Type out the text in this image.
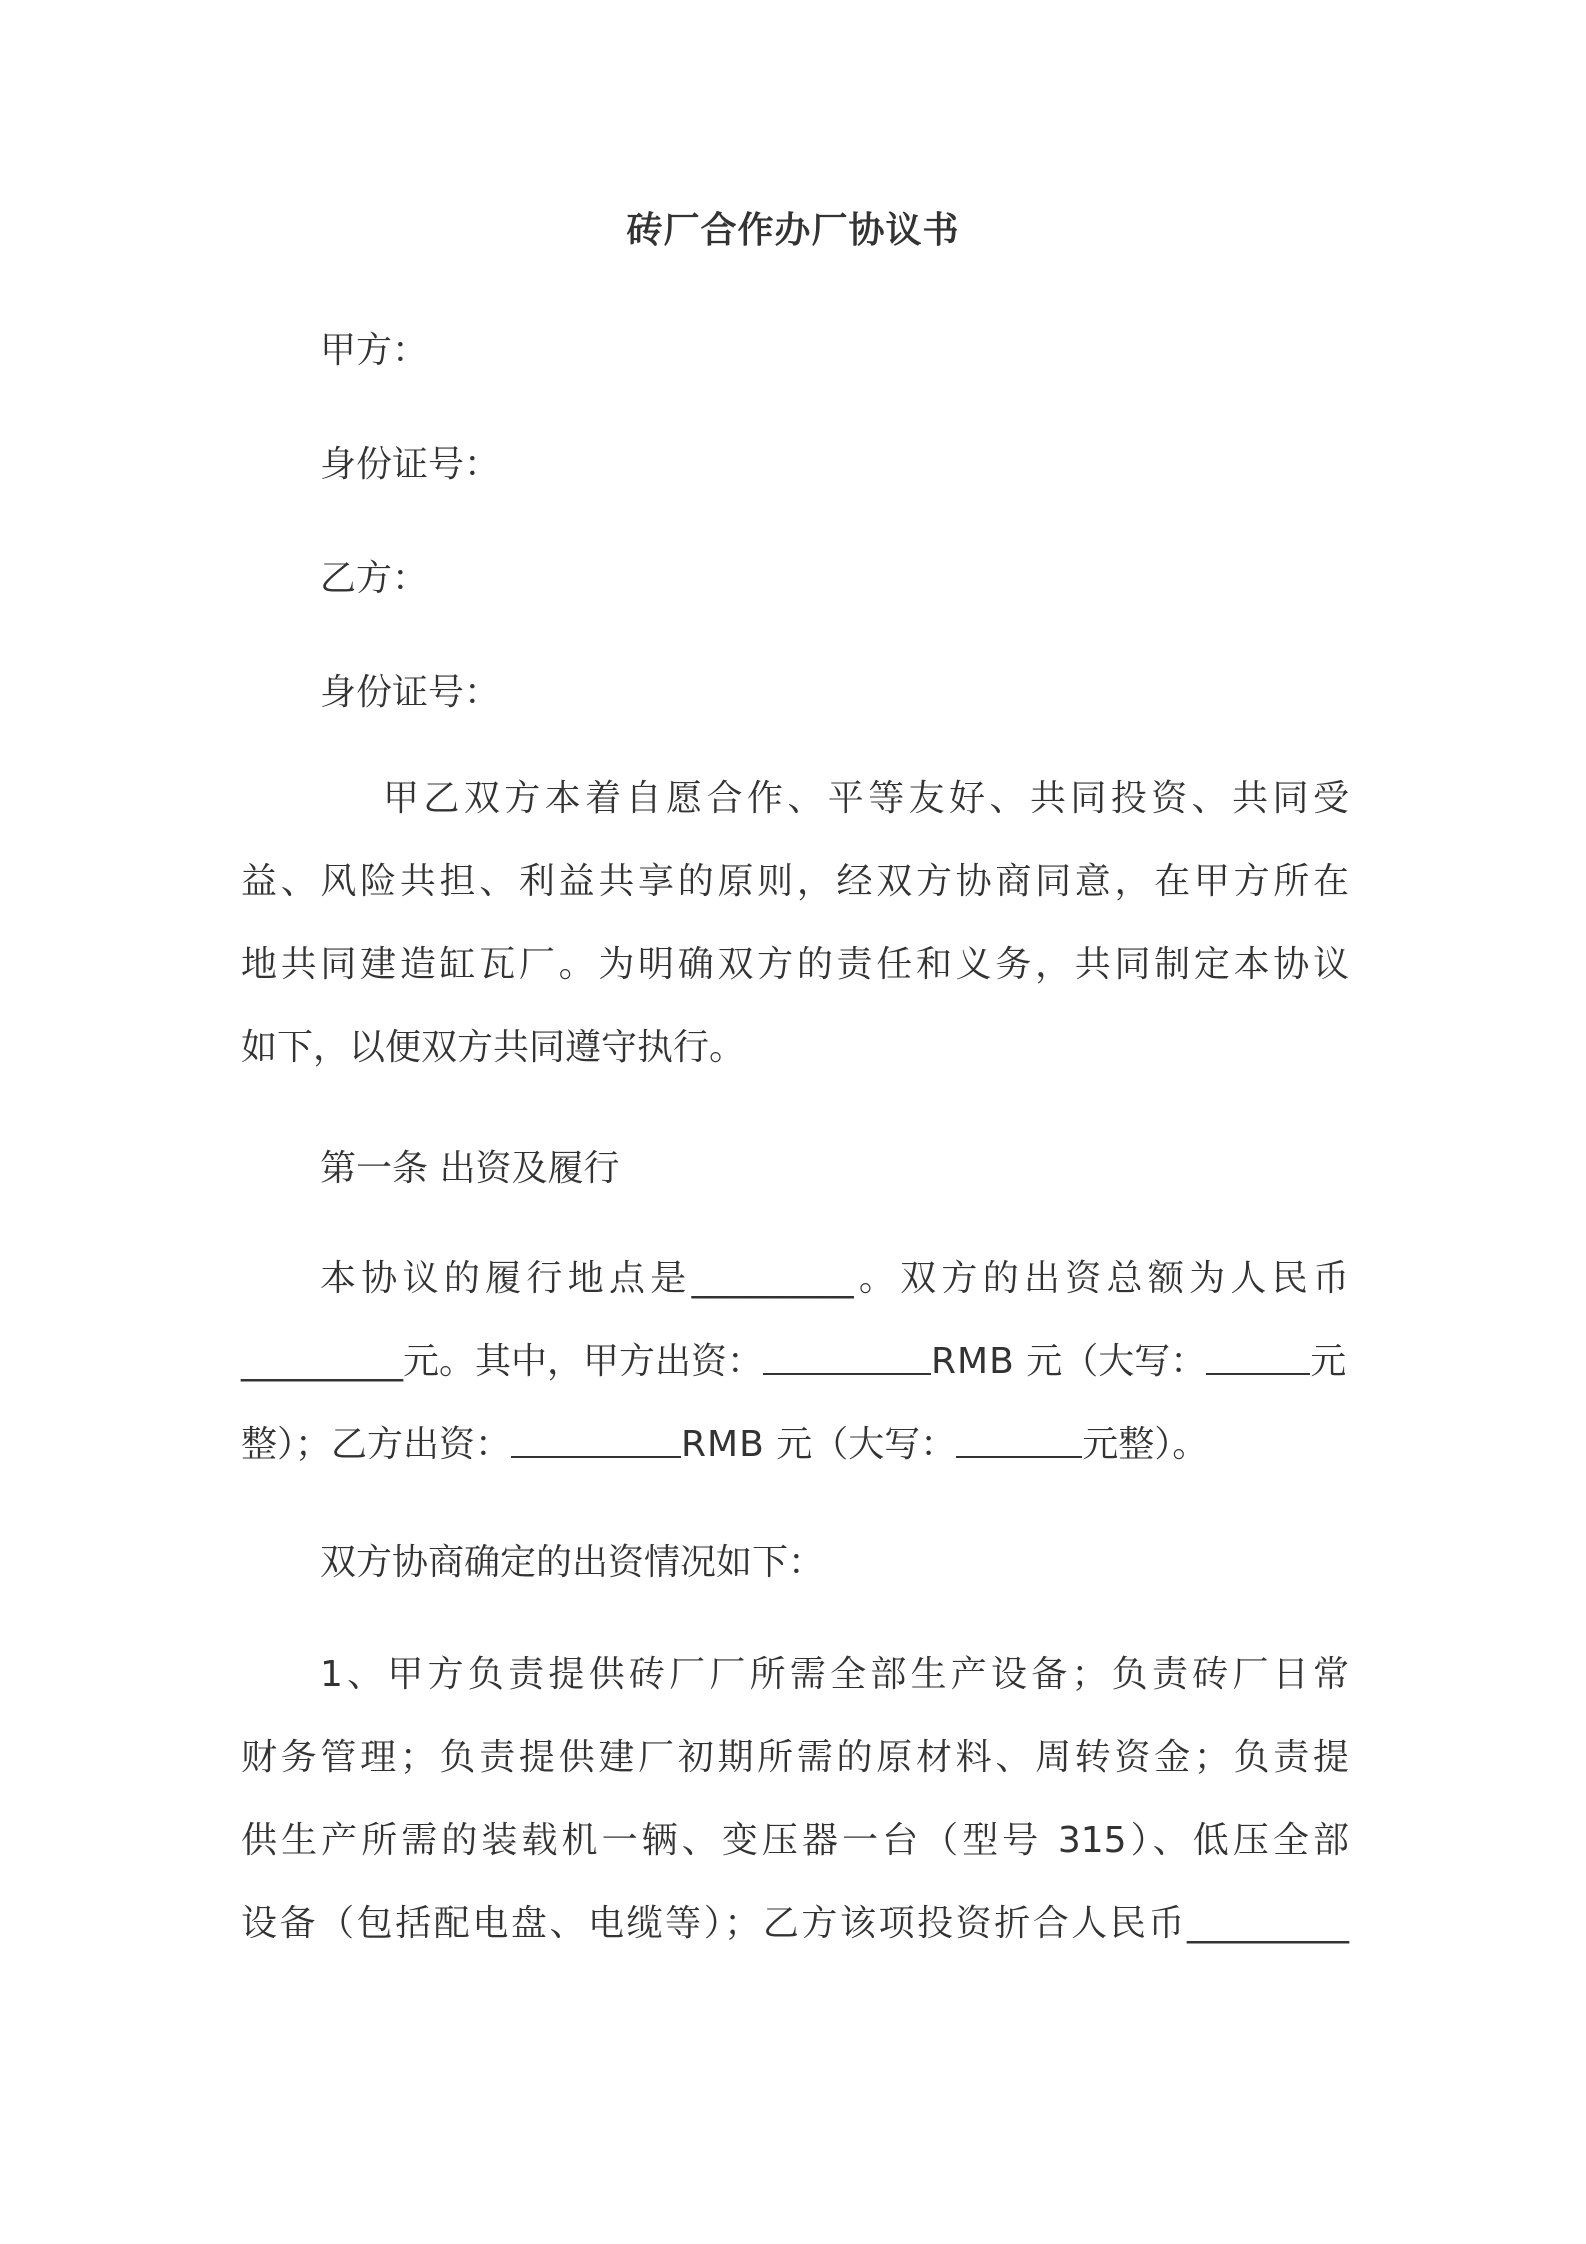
砖厂合作办厂协议书
甲方：
身份证号：
乙方：
身份证号：
甲乙双方本着自愿合作、平等友好、共同投资、共同受
益、风险共担、利益共享的原则，经双方协商同意，在甲方所在
地共同建造缸瓦厂。为明确双方的责任和义务，共同制定本协议
如下，以便双方共同遵守执行。
第一条 出资及履行
本协议的履行地点是_________。双方的出资总额为人民币
_________元。其中，甲方出资：	RMB 元（大写：	元
整）；乙方出资：	RMB 元（大写：	元整）。
双方协商确定的出资情况如下：
1、甲方负责提供砖厂厂所需全部生产设备；负责砖厂日常
财务管理；负责提供建厂初期所需的原材料、周转资金；负责提
供生产所需的装载机一辆、变压器一台（型号 315）、低压全部
设备（包括配电盘、电缆等）；乙方该项投资折合人民币_________
